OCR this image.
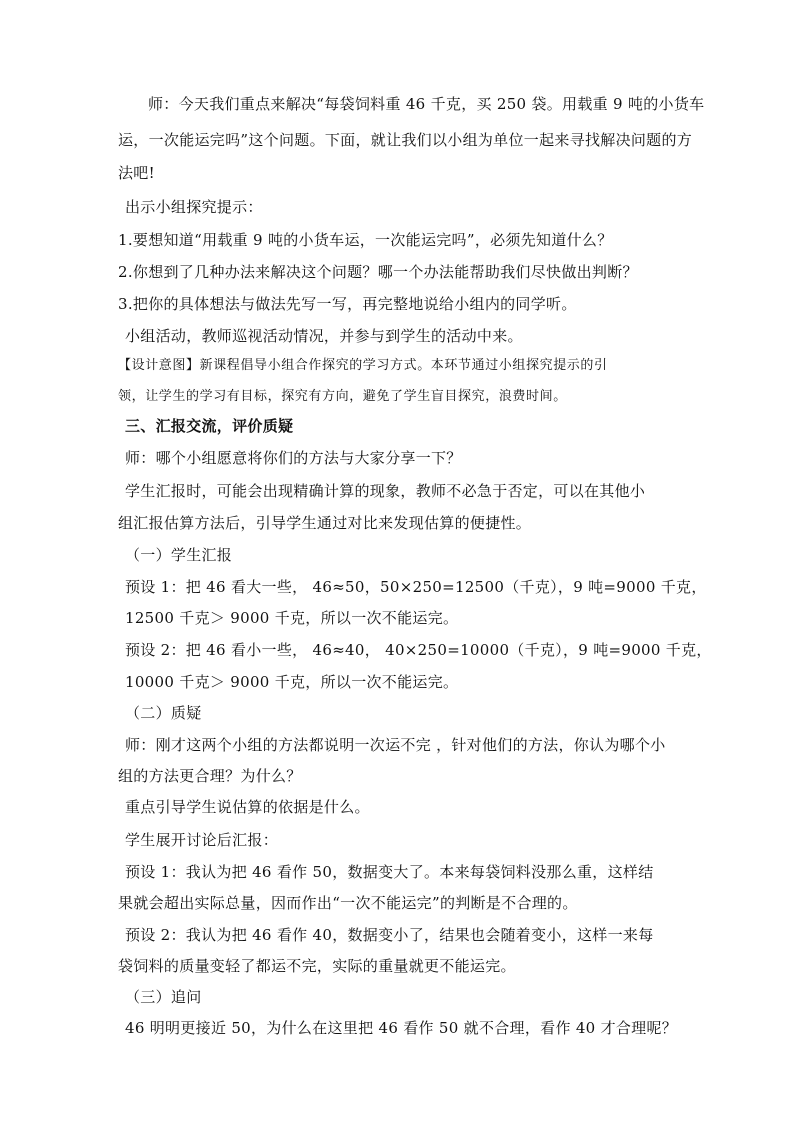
师：今天我们重点来解决“每袋饲料重 46 千克，买 250 袋。用载重 9 吨的小货车

运，一次能运完吗”这个问题。下面，就让我们以小组为单位一起来寻找解决问题的方

法吧!

出示小组探究提示：

1.要想知道“用载重 9 吨的小货车运，一次能运完吗”，必须先知道什么？

2.你想到了几种办法来解决这个问题？哪一个办法能帮助我们尽快做出判断？

3.把你的具体想法与做法先写一写，再完整地说给小组内的同学听。

小组活动，教师巡视活动情况，并参与到学生的活动中来。

【设计意图】新课程倡导小组合作探究的学习方式。本环节通过小组探究提示的引

领，让学生的学习有目标，探究有方向，避免了学生盲目探究，浪费时间。

三、汇报交流，评价质疑

师：哪个小组愿意将你们的方法与大家分享一下？

学生汇报时，可能会出现精确计算的现象，教师不必急于否定，可以在其他小

组汇报估算方法后，引导学生通过对比来发现估算的便捷性。

（一）学生汇报

预设 1：把 46 看大一些， 46≈50，50×250=12500（千克），9 吨=9000 千克，

12500 千克＞ 9000 千克，所以一次不能运完。

预设 2：把 46 看小一些， 46≈40， 40×250=10000（千克），9 吨=9000 千克，

10000 千克＞ 9000 千克，所以一次不能运完。

（二）质疑

师：刚才这两个小组的方法都说明一次运不完 ，针对他们的方法，你认为哪个小

组的方法更合理？为什么？

重点引导学生说估算的依据是什么。

学生展开讨论后汇报：

预设 1：我认为把 46 看作 50，数据变大了。本来每袋饲料没那么重，这样结

果就会超出实际总量，因而作出“一次不能运完”的判断是不合理的。

预设 2：我认为把 46 看作 40，数据变小了，结果也会随着变小，这样一来每

袋饲料的质量变轻了都运不完，实际的重量就更不能运完。

（三）追问

46 明明更接近 50，为什么在这里把 46 看作 50 就不合理，看作 40 才合理呢？
